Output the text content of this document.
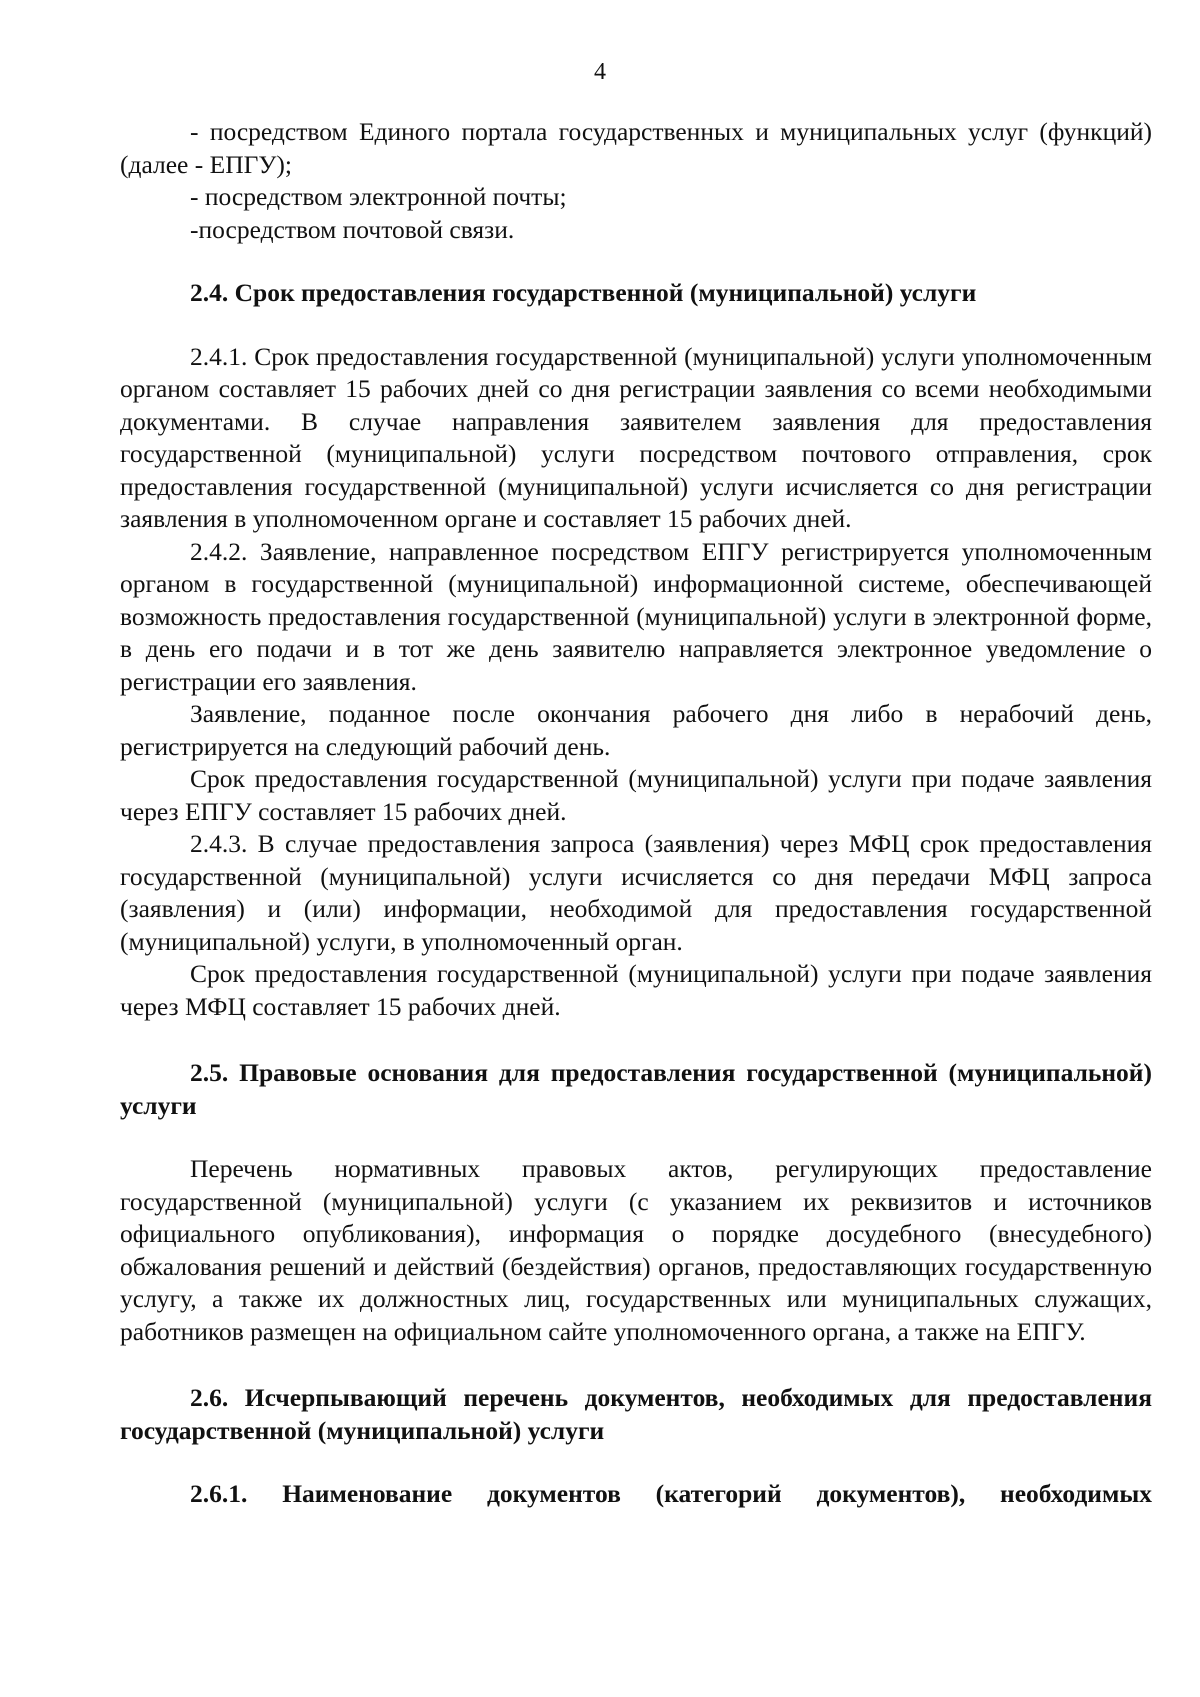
4

- посредством Единого портала государственных и муниципальных услуг (функций) (далее - ЕПГУ);

- посредством электронной почты;

-посредством почтовой связи.

2.4. Срок предоставления государственной (муниципальной) услуги

2.4.1. Срок предоставления государственной (муниципальной) услуги уполномоченным органом составляет 15 рабочих дней со дня регистрации заявления со всеми необходимыми документами. В случае направления заявителем заявления для предоставления государственной (муниципальной) услуги посредством почтового отправления, срок предоставления государственной (муниципальной) услуги исчисляется со дня регистрации заявления в уполномоченном органе и составляет 15 рабочих дней.

2.4.2. Заявление, направленное посредством ЕПГУ регистрируется уполномоченным органом в государственной (муниципальной) информационной системе, обеспечивающей возможность предоставления государственной (муниципальной) услуги в электронной форме, в день его подачи и в тот же день заявителю направляется электронное уведомление о регистрации его заявления.

Заявление, поданное после окончания рабочего дня либо в нерабочий день, регистрируется на следующий рабочий день.

Срок предоставления государственной (муниципальной) услуги при подаче заявления через ЕПГУ составляет 15 рабочих дней.

2.4.3. В случае предоставления запроса (заявления) через МФЦ срок предоставления государственной (муниципальной) услуги исчисляется со дня передачи МФЦ запроса (заявления) и (или) информации, необходимой для предоставления государственной (муниципальной) услуги, в уполномоченный орган.

Срок предоставления государственной (муниципальной) услуги при подаче заявления через МФЦ составляет 15 рабочих дней.

2.5. Правовые основания для предоставления государственной (муниципальной) услуги

Перечень нормативных правовых актов, регулирующих предоставление государственной (муниципальной) услуги (с указанием их реквизитов и источников официального опубликования), информация о порядке досудебного (внесудебного) обжалования решений и действий (бездействия) органов, предоставляющих государственную услугу, а также их должностных лиц, государственных или муниципальных служащих, работников размещен на официальном сайте уполномоченного органа, а также на ЕПГУ.

2.6. Исчерпывающий перечень документов, необходимых для предоставления государственной (муниципальной) услуги

2.6.1. Наименование документов (категорий документов), необходимых
